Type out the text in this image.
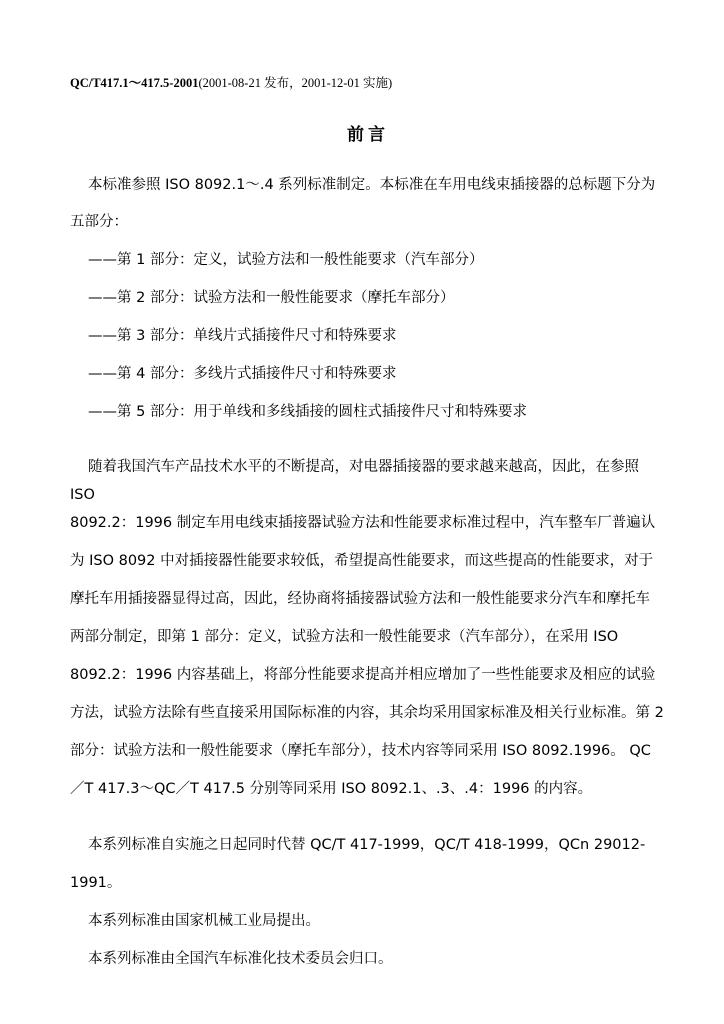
QC/T417.1～417.5-2001(2001-08-21 发布，2001-12-01 实施)
前言
本标准参照 ISO 8092.1～.4 系列标准制定。本标准在车用电线束插接器的总标题下分为
五部分：
——第 1 部分：定义，试验方法和一般性能要求（汽车部分）
——第 2 部分：试验方法和一般性能要求（摩托车部分）
——第 3 部分：单线片式插接件尺寸和特殊要求
——第 4 部分：多线片式插接件尺寸和特殊要求
——第 5 部分：用于单线和多线插接的圆柱式插接件尺寸和特殊要求
随着我国汽车产品技术水平的不断提高，对电器插接器的要求越来越高，因此，在参照
ISO
8092.2：1996 制定车用电线束插接器试验方法和性能要求标准过程中，汽车整车厂普遍认
为 ISO 8092 中对插接器性能要求较低，希望提高性能要求，而这些提高的性能要求，对于
摩托车用插接器显得过高，因此，经协商将插接器试验方法和一般性能要求分汽车和摩托车
两部分制定，即第 1 部分：定义，试验方法和一般性能要求（汽车部分），在采用 ISO
8092.2：1996 内容基础上，将部分性能要求提高并相应增加了一些性能要求及相应的试验
方法，试验方法除有些直接采用国际标准的内容，其余均采用国家标准及相关行业标准。第 2
部分：试验方法和一般性能要求（摩托车部分），技术内容等同采用 ISO 8092.1996。 QC
／T 417.3～QC／T 417.5 分别等同采用 ISO 8092.1、.3、.4：1996 的内容。
本系列标准自实施之日起同时代替 QC/T 417-1999，QC/T 418-1999，QCn 29012-
1991。
本系列标准由国家机械工业局提出。
本系列标准由全国汽车标准化技术委员会归口。
